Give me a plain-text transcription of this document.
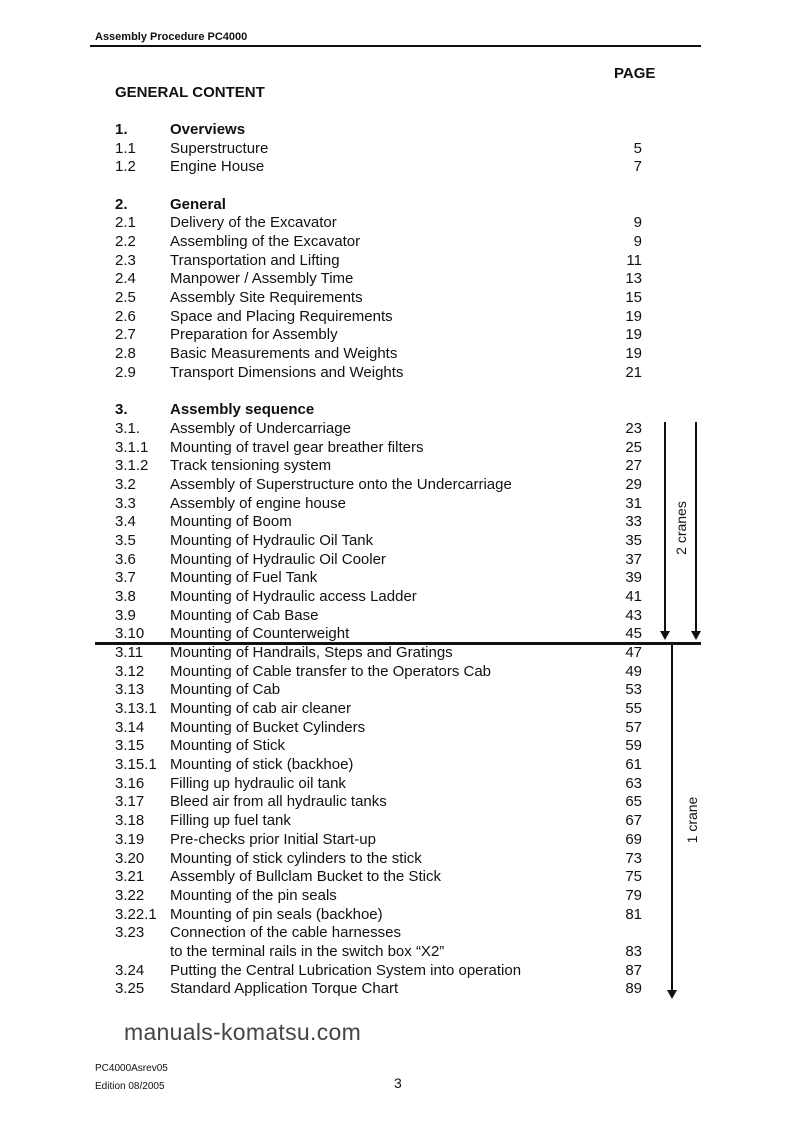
Assembly Procedure PC4000
PAGE
GENERAL CONTENT
1.	Overviews
1.1 Superstructure	5
1.2 Engine House	7
2.	General
2.1 Delivery of the Excavator	9
2.2 Assembling of the Excavator	9
2.3 Transportation and Lifting	11
2.4 Manpower / Assembly Time	13
2.5 Assembly Site Requirements	15
2.6 Space and Placing Requirements	19
2.7 Preparation for Assembly	19
2.8 Basic Measurements and Weights	19
2.9 Transport Dimensions and Weights	21
3.	Assembly sequence
3.1. Assembly of Undercarriage	23
3.1.1 Mounting of travel gear breather filters	25
3.1.2 Track tensioning system	27
3.2 Assembly of Superstructure onto the Undercarriage	29
3.3 Assembly of engine house	31
3.4 Mounting of Boom	33
3.5 Mounting of Hydraulic Oil Tank	35
3.6 Mounting of Hydraulic Oil Cooler	37
3.7 Mounting of Fuel Tank	39
3.8 Mounting of Hydraulic access Ladder	41
3.9 Mounting of Cab Base	43
3.10 Mounting of Counterweight	45
3.11 Mounting of Handrails, Steps and Gratings	47
3.12 Mounting of Cable transfer to the Operators Cab	49
3.13 Mounting of Cab	53
3.13.1 Mounting of cab air cleaner	55
3.14 Mounting of Bucket Cylinders	57
3.15 Mounting of Stick	59
3.15.1 Mounting of stick (backhoe)	61
3.16 Filling up hydraulic oil tank	63
3.17 Bleed air from all hydraulic tanks	65
3.18 Filling up fuel tank	67
3.19 Pre-checks prior Initial Start-up	69
3.20 Mounting of stick cylinders to the stick	73
3.21 Assembly of Bullclam Bucket to the Stick	75
3.22 Mounting of the pin seals	79
3.22.1 Mounting of pin seals (backhoe)	81
3.23 Connection of the cable harnesses
to the terminal rails in the switch box “X2”	83
3.24 Putting the Central Lubrication System into operation	87
3.25 Standard Application Torque Chart	89
manuals-komatsu.com
2 cranes
1 crane
PC4000Asrev05
Edition 08/2005	3
